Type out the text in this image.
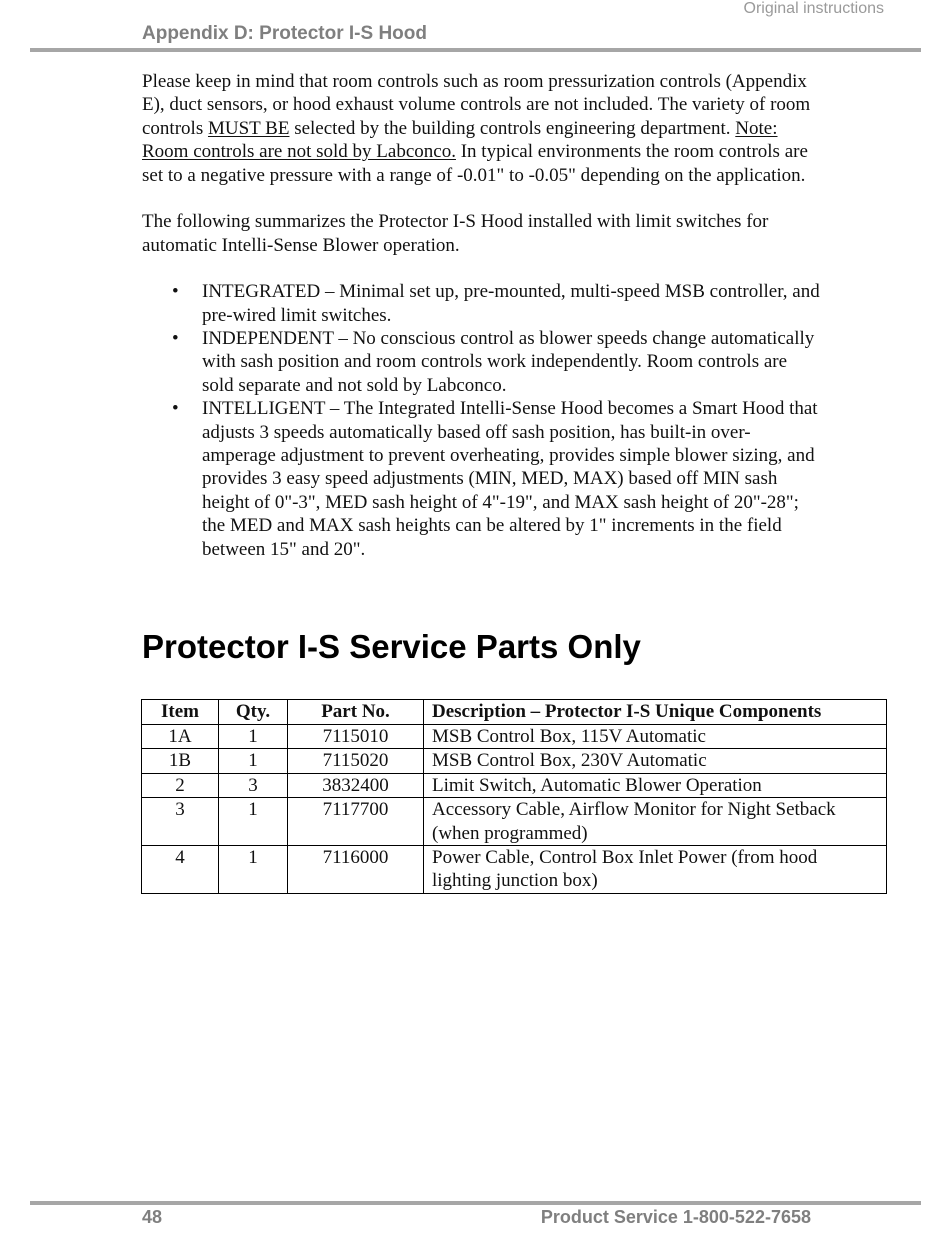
Original instructions
Appendix D: Protector I-S Hood

Please keep in mind that room controls such as room pressurization controls (Appendix E), duct sensors, or hood exhaust volume controls are not included. The variety of room controls MUST BE selected by the building controls engineering department. Note: Room controls are not sold by Labconco. In typical environments the room controls are set to a negative pressure with a range of -0.01" to -0.05" depending on the application.

The following summarizes the Protector I-S Hood installed with limit switches for automatic Intelli-Sense Blower operation.

• INTEGRATED – Minimal set up, pre-mounted, multi-speed MSB controller, and pre-wired limit switches.
• INDEPENDENT – No conscious control as blower speeds change automatically with sash position and room controls work independently. Room controls are sold separate and not sold by Labconco.
• INTELLIGENT – The Integrated Intelli-Sense Hood becomes a Smart Hood that adjusts 3 speeds automatically based off sash position, has built-in over-amperage adjustment to prevent overheating, provides simple blower sizing, and provides 3 easy speed adjustments (MIN, MED, MAX) based off MIN sash height of 0"-3", MED sash height of 4"-19", and MAX sash height of 20"-28"; the MED and MAX sash heights can be altered by 1" increments in the field between 15" and 20".
Protector I-S Service Parts Only
Item	Qty.	Part No.	Description – Protector I-S Unique Components
1A	1	7115010	MSB Control Box, 115V Automatic
1B	1	7115020	MSB Control Box, 230V Automatic
2	3	3832400	Limit Switch, Automatic Blower Operation
3	1	7117700	Accessory Cable, Airflow Monitor for Night Setback (when programmed)
4	1	7116000	Power Cable, Control Box Inlet Power (from hood lighting junction box)
48	Product Service 1-800-522-7658
